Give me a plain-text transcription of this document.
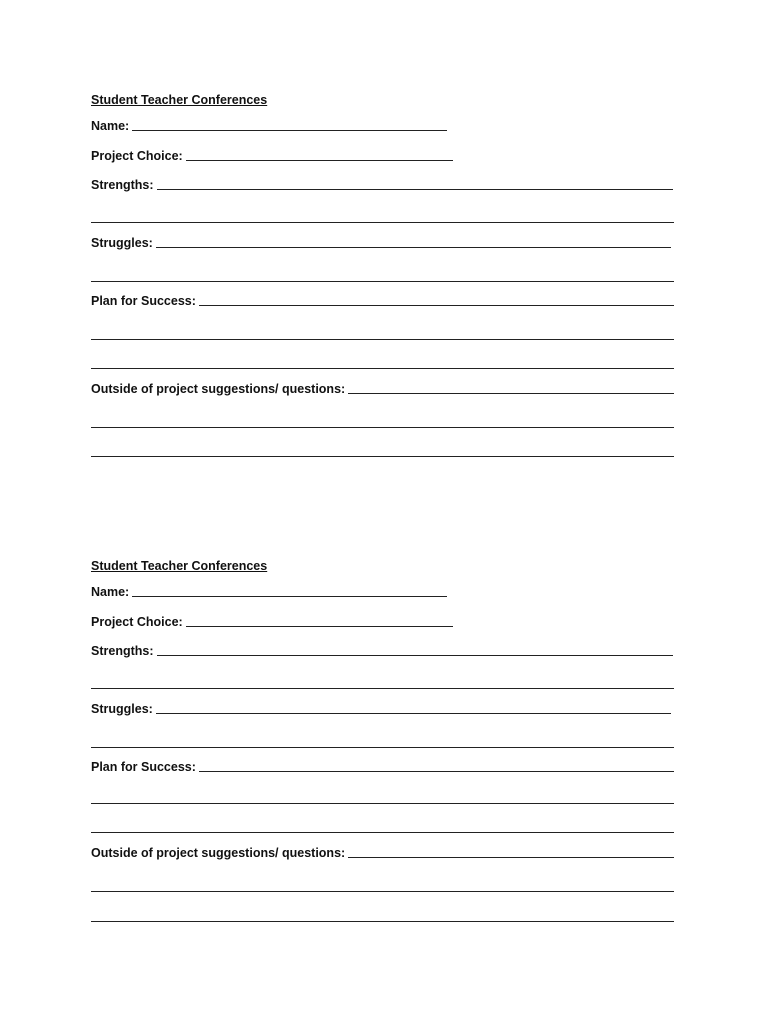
Student Teacher Conferences
Name:
Project Choice:
Strengths:
Struggles:
Plan for Success:
Outside of project suggestions/ questions:
Student Teacher Conferences
Name:
Project Choice:
Strengths:
Struggles:
Plan for Success:
Outside of project suggestions/ questions:
